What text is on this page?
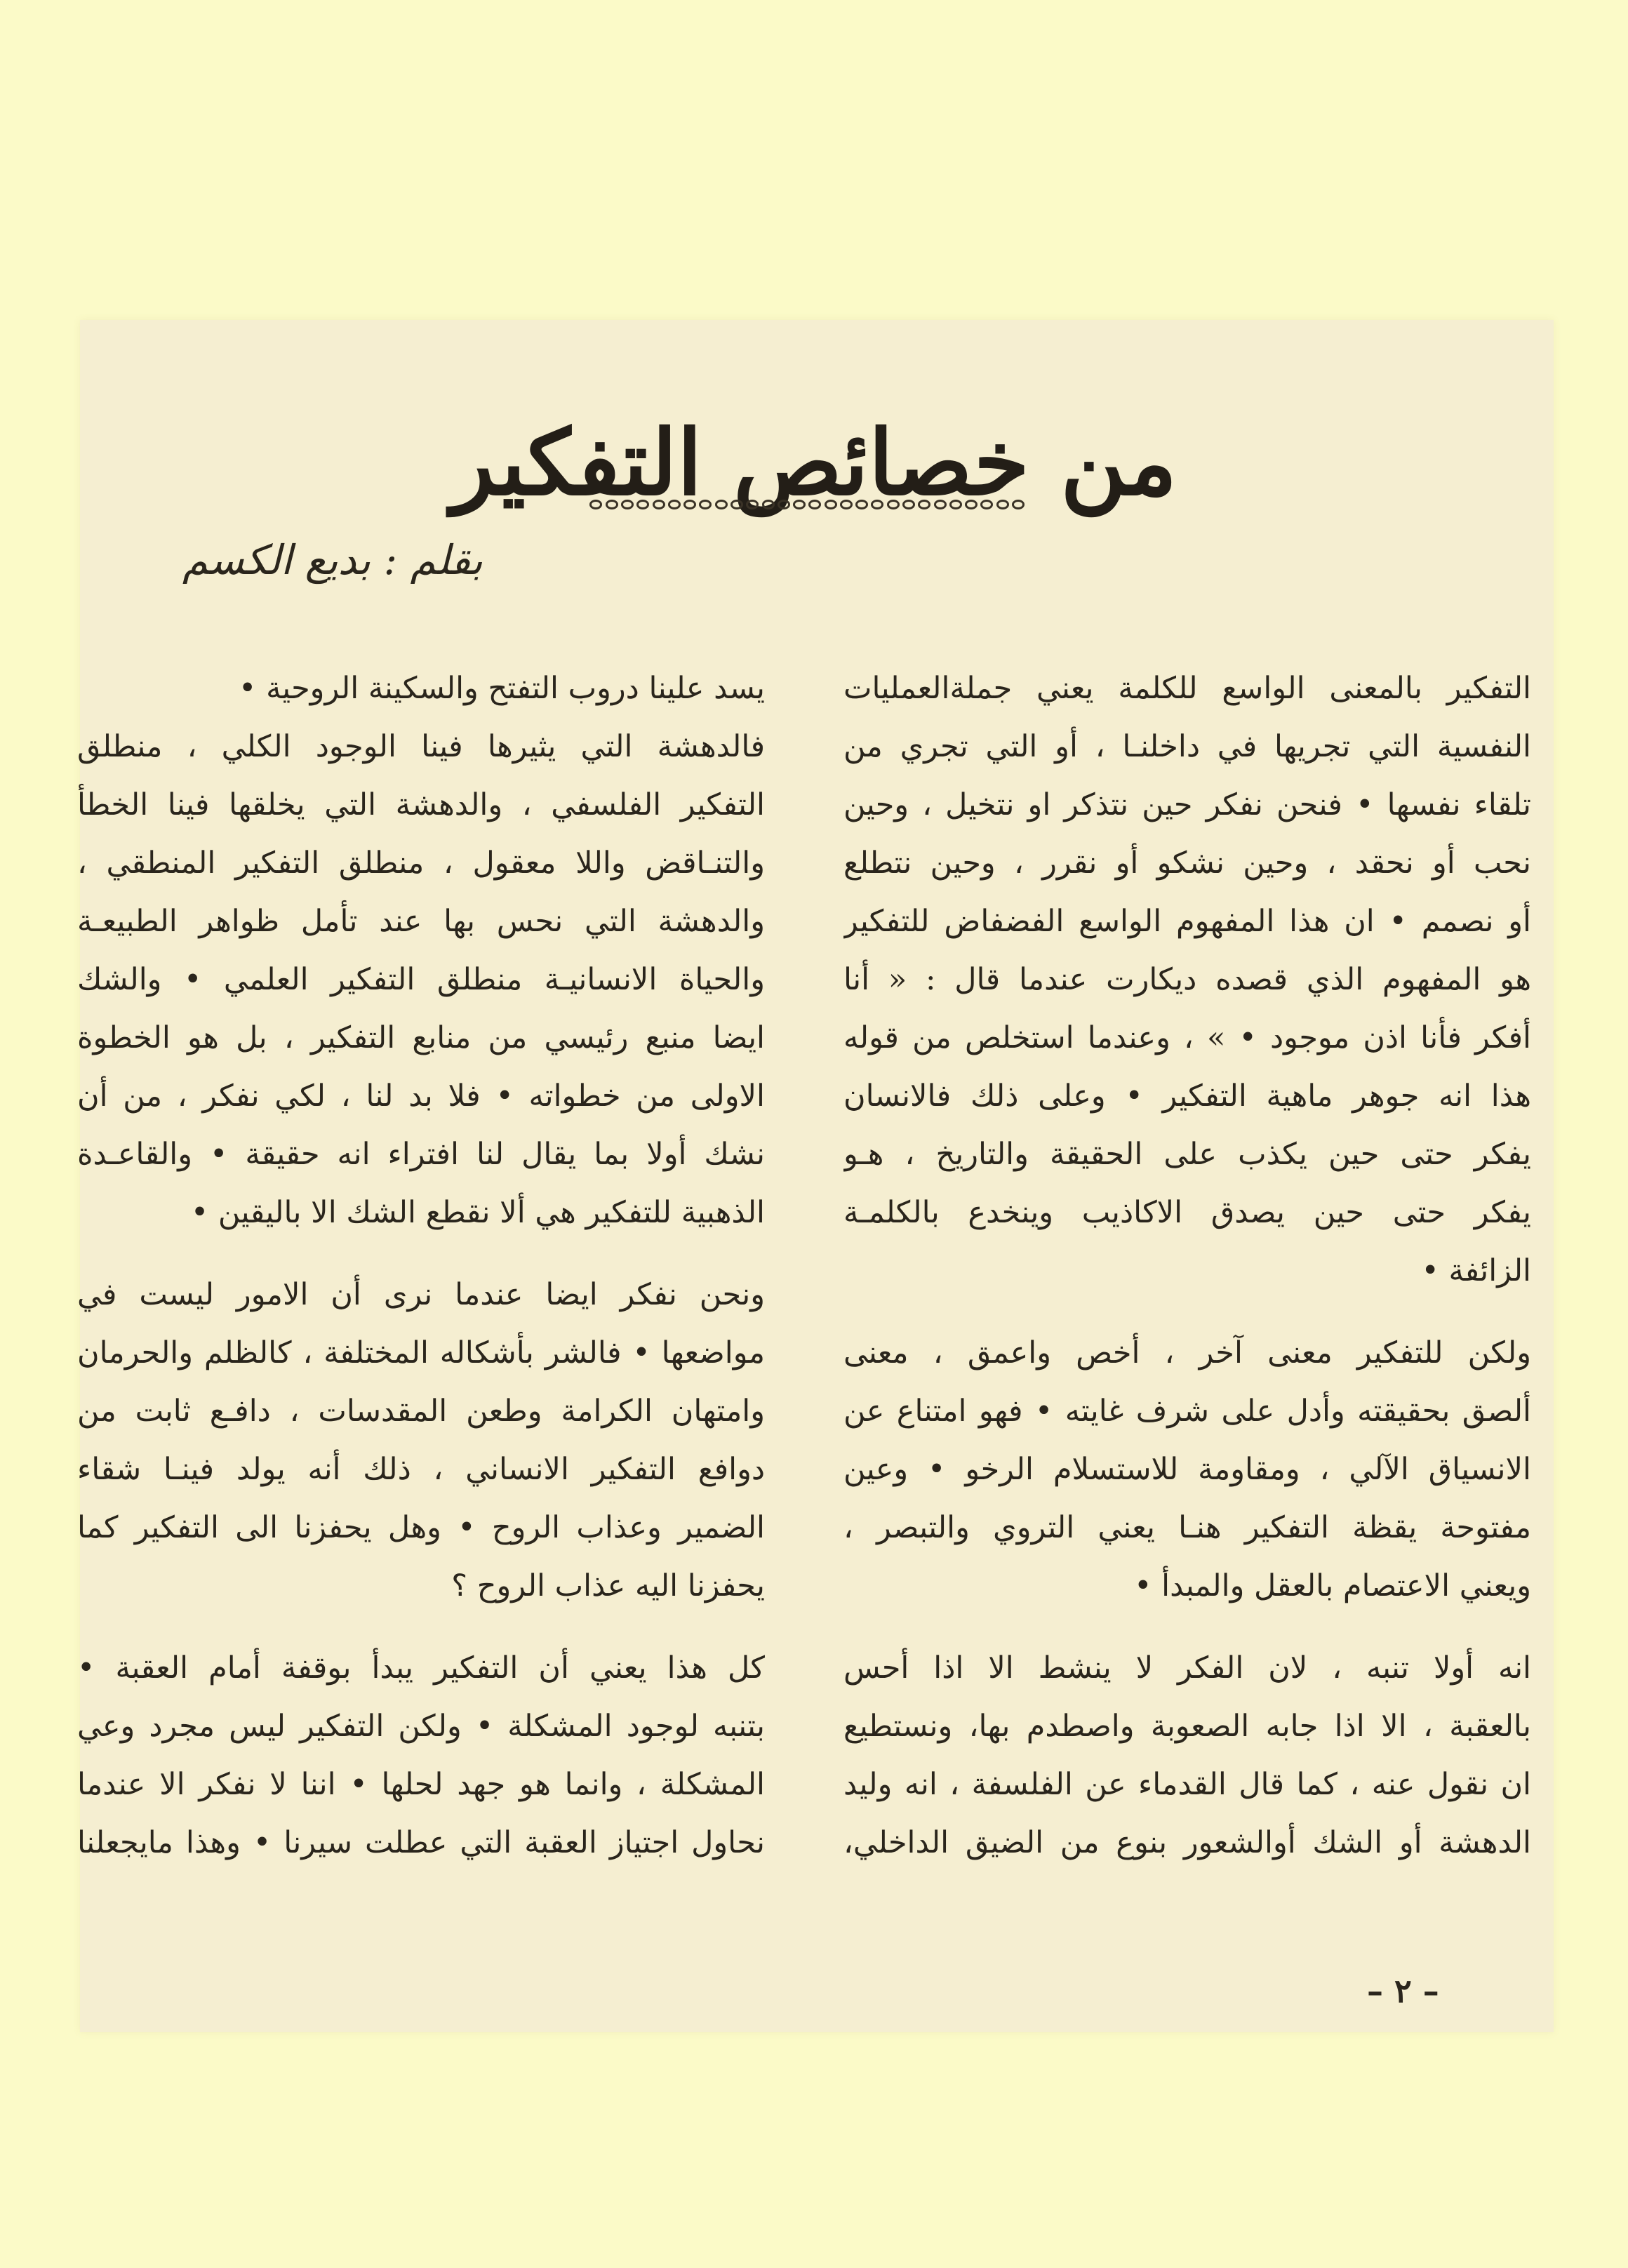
من خصائص التفكير
بقلم : بديع الكسم
التفكير بالمعنى الواسع للكلمة يعني جملةالعمليات
النفسية التي تجريها في داخلنـا ، أو التي تجري من
تلقاء نفسها • فنحن نفكر حين نتذكر او نتخيل ، وحين
نحب أو نحقد ، وحين نشكو أو نقرر ، وحين نتطلع
أو نصمم • ان هذا المفهوم الواسع الفضفاض للتفكير
هو المفهوم الذي قصده ديكارت عندما قال : « أنا
أفكر فأنا اذن موجود • » ، وعندما استخلص من قوله
هذا انه جوهر ماهية التفكير • وعلى ذلك فالانسان
يفكر حتى حين يكذب على الحقيقة والتاريخ ، هـو
يفكر حتى حين يصدق الاكاذيب وينخدع بالكلمـة
الزائفة •
ولكن للتفكير معنى آخر ، أخص واعمق ، معنى
ألصق بحقيقته وأدل على شرف غايته • فهو امتناع عن
الانسياق الآلي ، ومقاومة للاستسلام الرخو • وعين
مفتوحة يقظة التفكير هنـا يعني التروي والتبصر ،
ويعني الاعتصام بالعقل والمبدأ •
انه أولا تنبه ، لان الفكر لا ينشط الا اذا أحس
بالعقبة ، الا اذا جابه الصعوبة واصطدم بها، ونستطيع
ان نقول عنه ، كما قال القدماء عن الفلسفة ، انه وليد
الدهشة أو الشك أوالشعور بنوع من الضيق الداخلي،
يسد علينا دروب التفتح والسكينة الروحية •
فالدهشة التي يثيرها فينا الوجود الكلي ، منطلق
التفكير الفلسفي ، والدهشة التي يخلقها فينا الخطأ
والتنـاقض واللا معقول ، منطلق التفكير المنطقي ،
والدهشة التي نحس بها عند تأمل ظواهر الطبيعـة
والحياة الانسانيـة منطلق التفكير العلمي • والشك
ايضا منبع رئيسي من منابع التفكير ، بل هو الخطوة
الاولى من خطواته • فلا بد لنا ، لكي نفكر ، من أن
نشك أولا بما يقال لنا افتراء انه حقيقة • والقاعـدة
الذهبية للتفكير هي ألا نقطع الشك الا باليقين •
ونحن نفكر ايضا عندما نرى أن الامور ليست في
مواضعها • فالشر بأشكاله المختلفة ، كالظلم والحرمان
وامتهان الكرامة وطعن المقدسات ، دافـع ثابت من
دوافع التفكير الانساني ، ذلك أنه يولد فينـا شقاء
الضمير وعذاب الروح • وهل يحفزنا الى التفكير كما
يحفزنا اليه عذاب الروح ؟
كل هذا يعني أن التفكير يبدأ بوقفة أمام العقبة •
بتنبه لوجود المشكلة • ولكن التفكير ليس مجرد وعي
المشكلة ، وانما هو جهد لحلها • اننا لا نفكر الا عندما
نحاول اجتياز العقبة التي عطلت سيرنا • وهذا مايجعلنا
– ٢ –
